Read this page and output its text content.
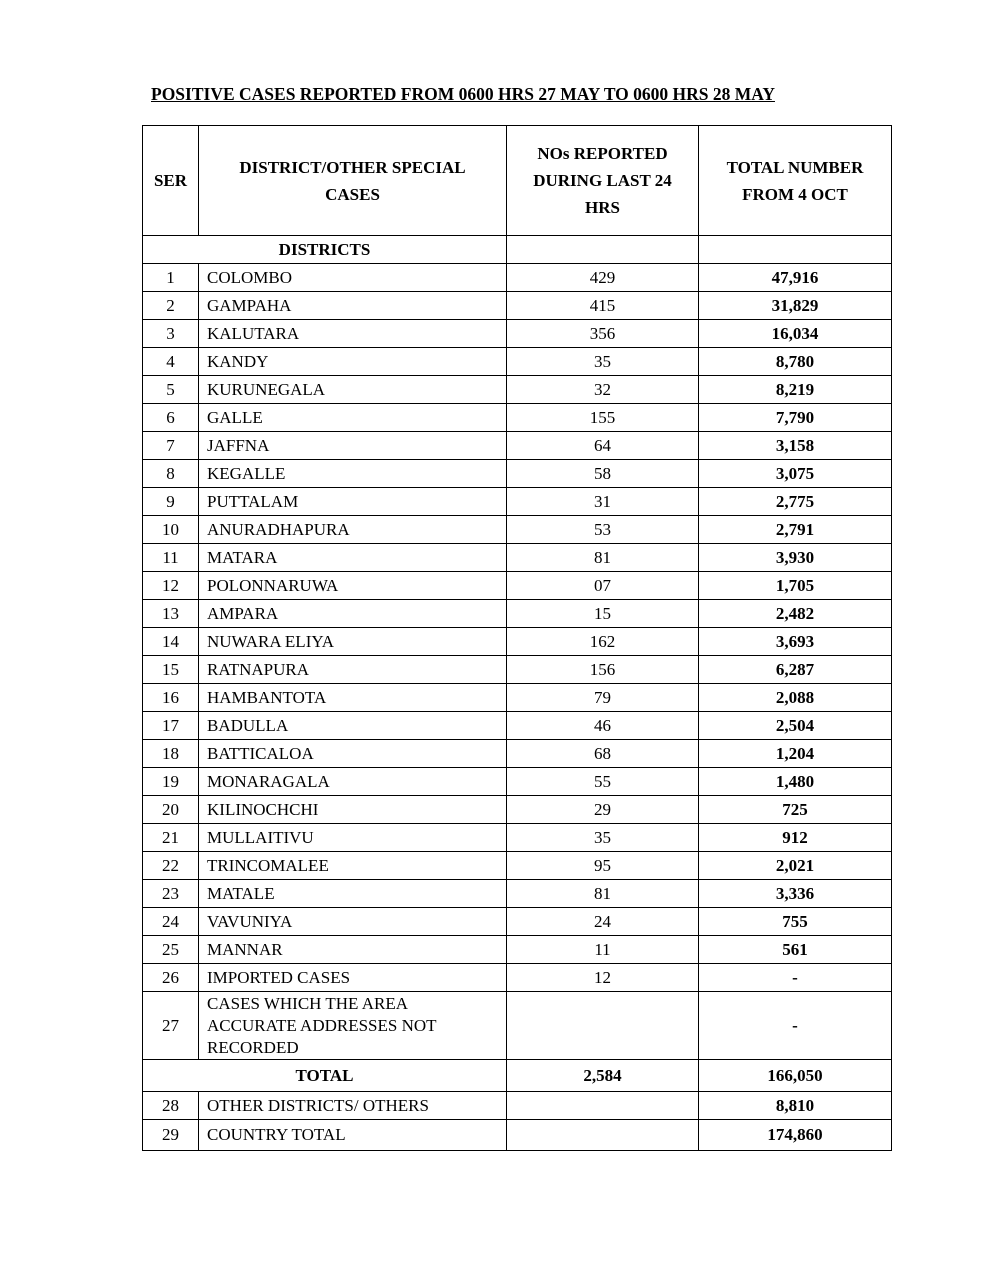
POSITIVE CASES REPORTED FROM 0600 HRS 27 MAY TO 0600 HRS 28 MAY
SER	DISTRICT/OTHER SPECIAL CASES	NOs REPORTED DURING LAST 24 HRS	TOTAL NUMBER FROM 4 OCT
DISTRICTS			
1	COLOMBO	429	47,916
2	GAMPAHA	415	31,829
3	KALUTARA	356	16,034
4	KANDY	35	8,780
5	KURUNEGALA	32	8,219
6	GALLE	155	7,790
7	JAFFNA	64	3,158
8	KEGALLE	58	3,075
9	PUTTALAM	31	2,775
10	ANURADHAPURA	53	2,791
11	MATARA	81	3,930
12	POLONNARUWA	07	1,705
13	AMPARA	15	2,482
14	NUWARA ELIYA	162	3,693
15	RATNAPURA	156	6,287
16	HAMBANTOTA	79	2,088
17	BADULLA	46	2,504
18	BATTICALOA	68	1,204
19	MONARAGALA	55	1,480
20	KILINOCHCHI	29	725
21	MULLAITIVU	35	912
22	TRINCOMALEE	95	2,021
23	MATALE	81	3,336
24	VAVUNIYA	24	755
25	MANNAR	11	561
26	IMPORTED CASES	12	-
27	CASES WHICH THE AREA ACCURATE ADDRESSES NOT RECORDED		-
TOTAL		2,584	166,050
28	OTHER DISTRICTS/ OTHERS		8,810
29	COUNTRY TOTAL		174,860
